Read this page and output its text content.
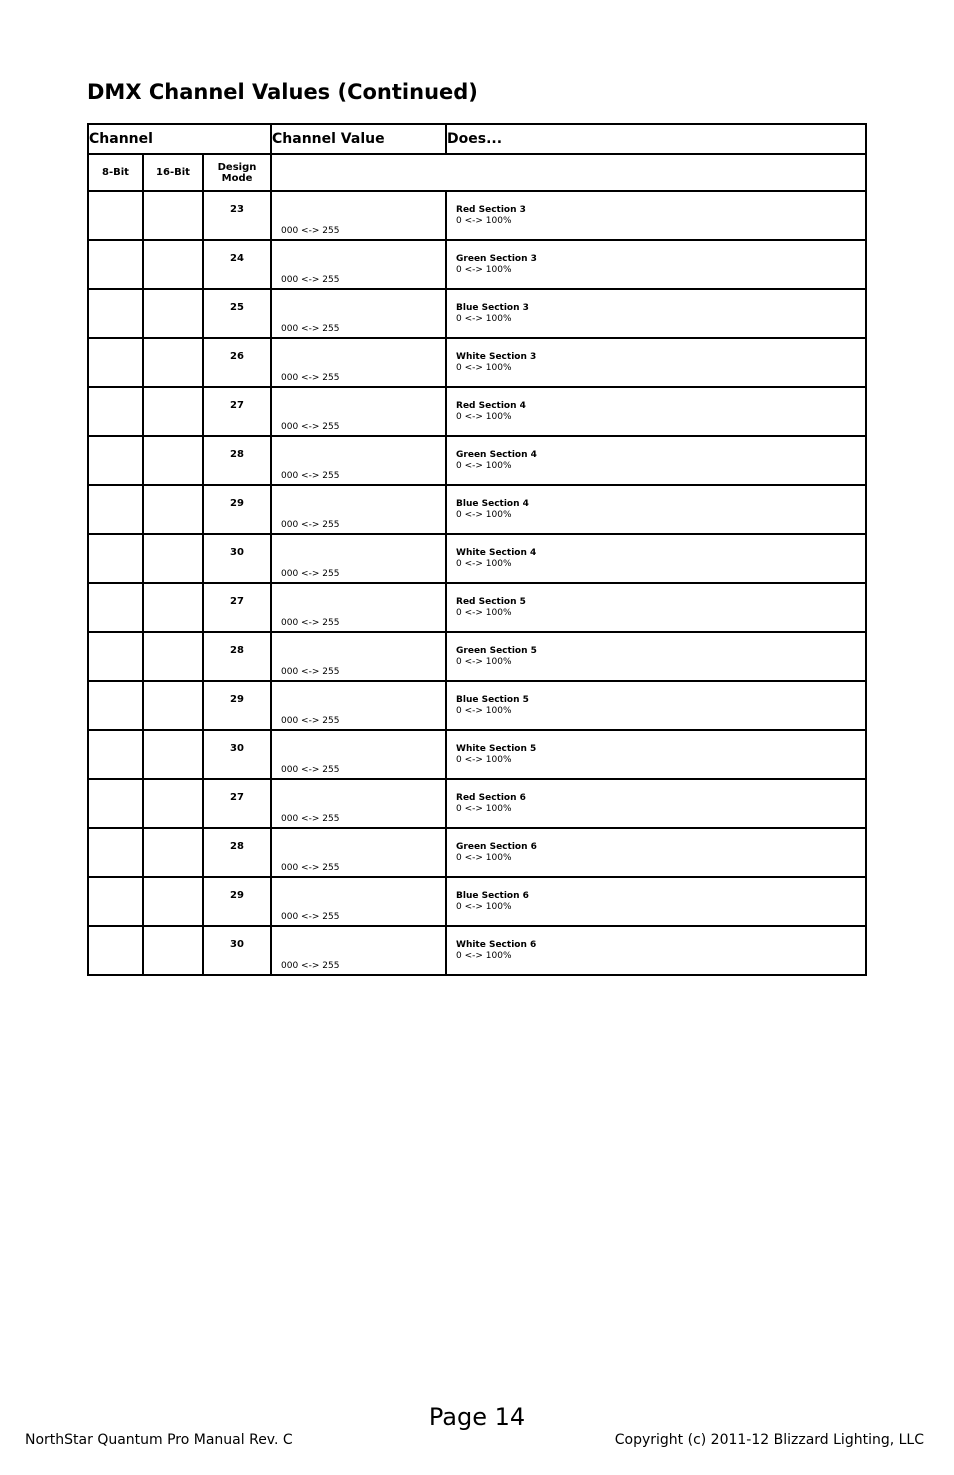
DMX Channel Values (Continued)
Channel			Channel Value	Does...
8-Bit	16-Bit	Design
Mode		
		23	000 <-> 255	Red Section 3
0 <-> 100%
		24	000 <-> 255	Green Section 3
0 <-> 100%
		25	000 <-> 255	Blue Section 3
0 <-> 100%
		26	000 <-> 255	White Section 3
0 <-> 100%
		27	000 <-> 255	Red Section 4
0 <-> 100%
		28	000 <-> 255	Green Section 4
0 <-> 100%
		29	000 <-> 255	Blue Section 4
0 <-> 100%
		30	000 <-> 255	White Section 4
0 <-> 100%
		27	000 <-> 255	Red Section 5
0 <-> 100%
		28	000 <-> 255	Green Section 5
0 <-> 100%
		29	000 <-> 255	Blue Section 5
0 <-> 100%
		30	000 <-> 255	White Section 5
0 <-> 100%
		27	000 <-> 255	Red Section 6
0 <-> 100%
		28	000 <-> 255	Green Section 6
0 <-> 100%
		29	000 <-> 255	Blue Section 6
0 <-> 100%
		30	000 <-> 255	White Section 6
0 <-> 100%
Page 14
NorthStar Quantum Pro Manual Rev. C	Copyright (c) 2011-12 Blizzard Lighting, LLC
